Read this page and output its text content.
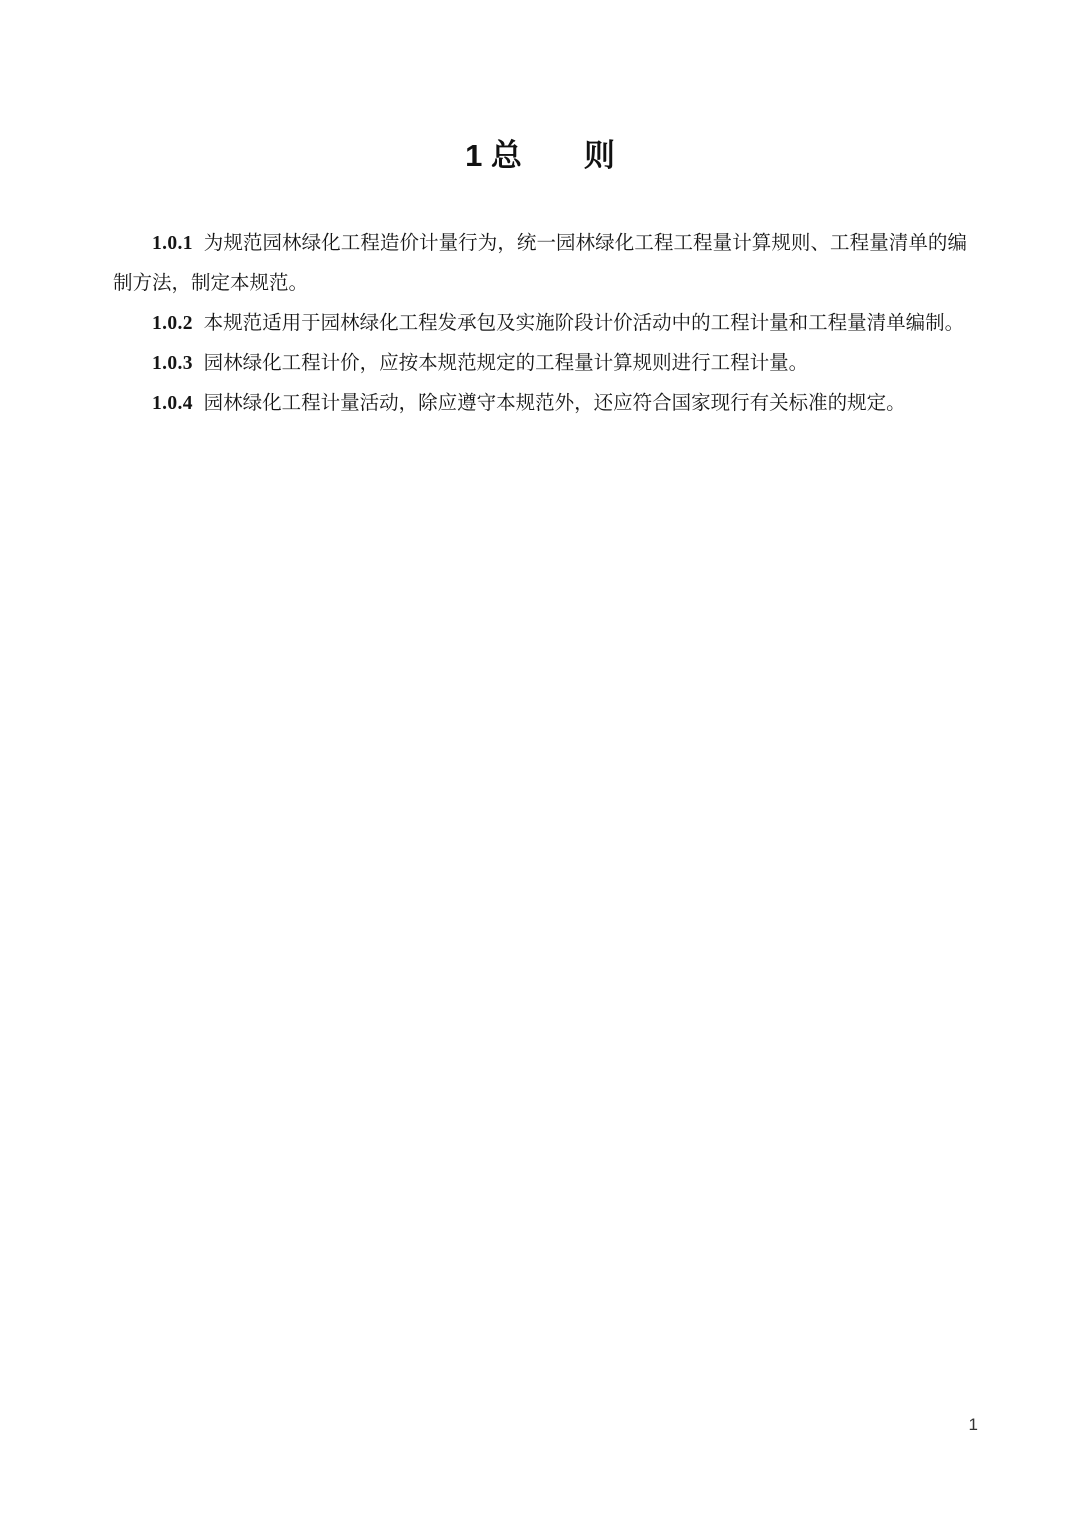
1 总　　则

1.0.1 为规范园林绿化工程造价计量行为，统一园林绿化工程工程量计算规则、工程量清单的编制方法，制定本规范。

1.0.2 本规范适用于园林绿化工程发承包及实施阶段计价活动中的工程计量和工程量清单编制。

1.0.3 园林绿化工程计价，应按本规范规定的工程量计算规则进行工程计量。

1.0.4 园林绿化工程计量活动，除应遵守本规范外，还应符合国家现行有关标准的规定。

1
